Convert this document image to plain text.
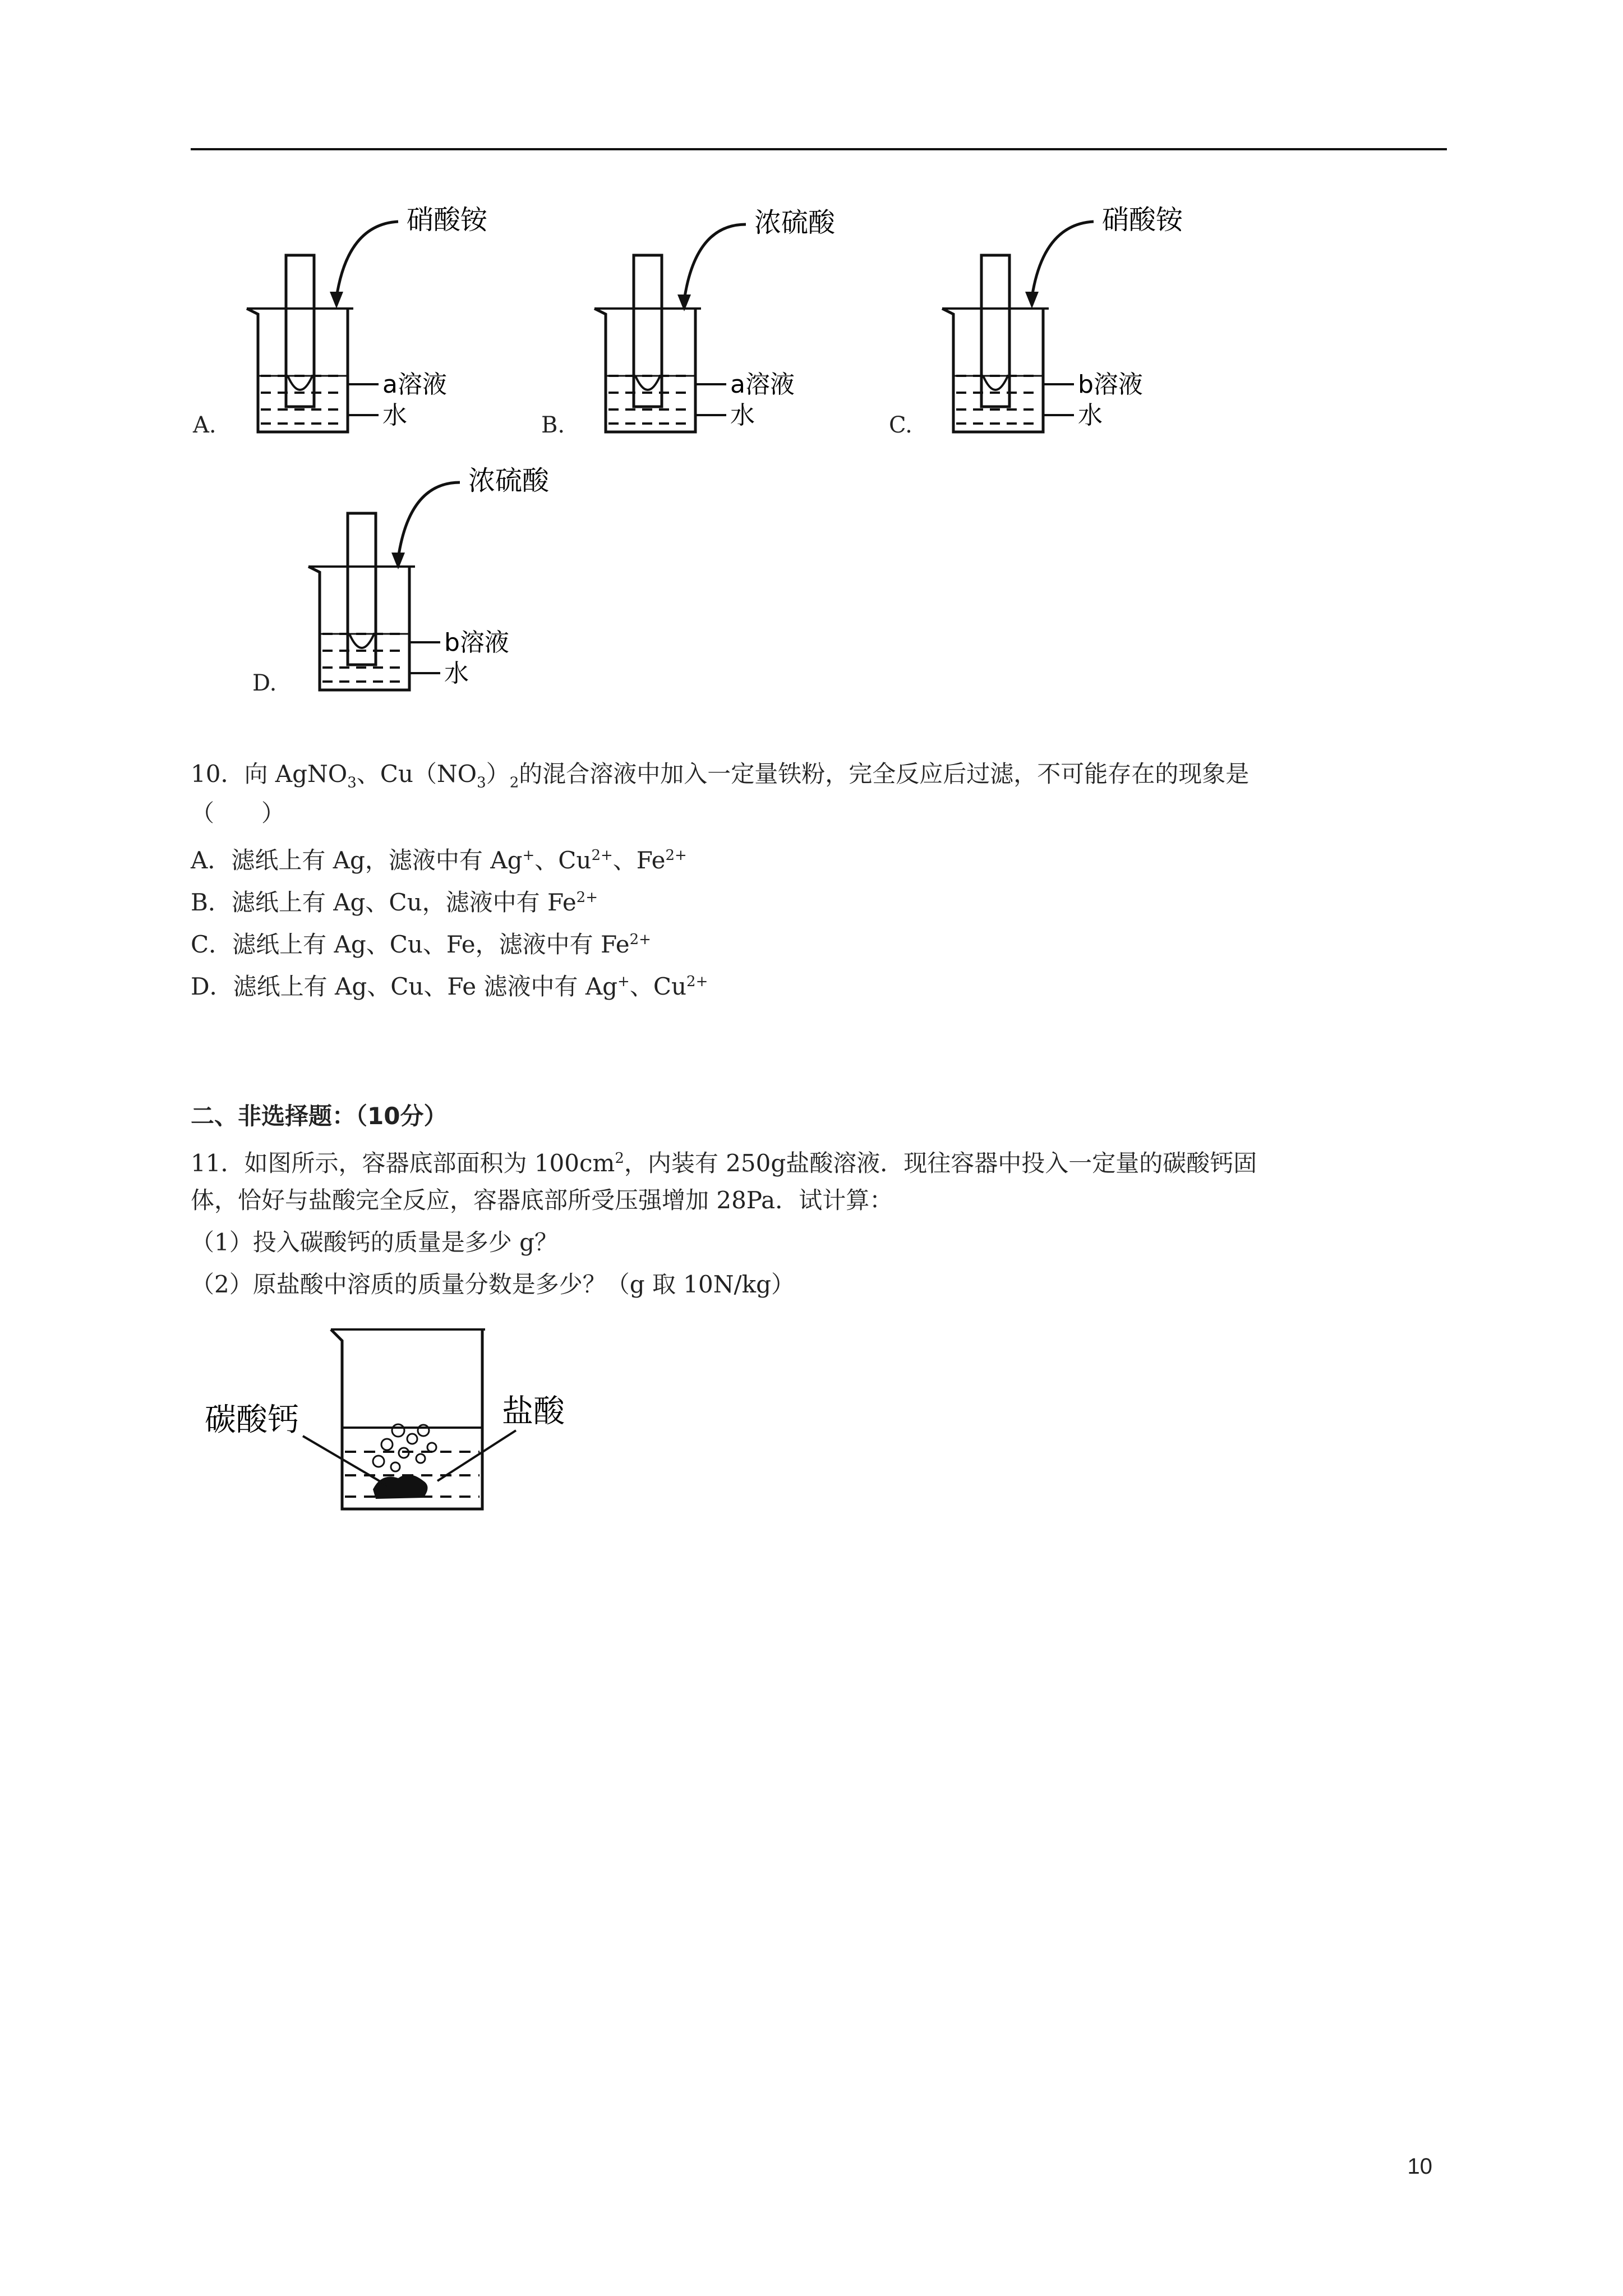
硝酸铵
a溶液
水
A.
浓硫酸
a溶液
水
B.
硝酸铵
b溶液
水
C.
浓硫酸
b溶液
水
D.
10．向 AgNO$_3$、$Cu(NO_3)_2$的混合溶液中加入一定量铁粉，完全反应后过滤，不可能存在的现象是
（　　）
A．滤纸上有 Ag，滤液中有 Ag+、$Cu^{2+}$、$Fe^{2+}$
B．滤纸上有 Ag、Cu，滤液中有 $Fe^{2+}$
C．滤纸上有 Ag、Cu、Fe，滤液中有 $Fe^{2+}$
D．滤纸上有 Ag、Cu、Fe 滤液中有 Ag+、$Cu^{2+}$
二、非选择题：（10分）
11．如图所示，容器底部面积为 $100cm^2$，内装有 250g盐酸溶液．现往容器中投入一定量的碳酸钙固
体，恰好与盐酸完全反应，容器底部所受压强增加 28Pa．试计算：
（1）投入碳酸钙的质量是多少 g？
（2）原盐酸中溶质的质量分数是多少？（g 取 10N/kg）
碳酸钙	盐酸
10
